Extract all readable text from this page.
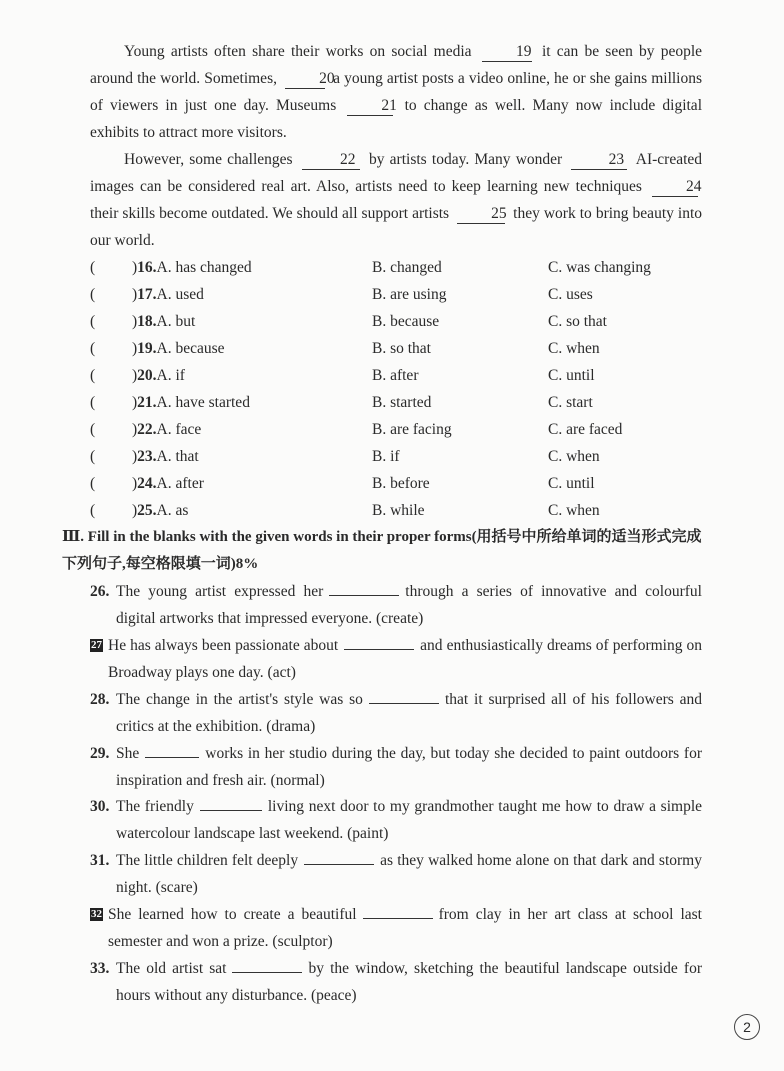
Young artists often share their works on social media	19 it can be seen by people around the world. Sometimes,	20 a young artist posts a video online, he or she gains millions of viewers in just one day. Museums	21 to change as well. Many now include digital exhibits to attract more visitors.

However, some challenges	22 by artists today. Many wonder	23 AI-created images can be considered real art. Also, artists need to keep learning new techniques	24 their skills become outdated. We should all support artists	25 they work to bring beauty into our world.

( )16.A. has changed	B. changed	C. was changing
( )17.A. used	B. are using	C. uses
( )18.A. but	B. because	C. so that
( )19.A. because	B. so that	C. when
( )20.A. if	B. after	C. until
( )21.A. have started	B. started	C. start
( )22.A. face	B. are facing	C. are faced
( )23.A. that	B. if	C. when
( )24.A. after	B. before	C. until
( )25.A. as	B. while	C. when

Ⅲ. Fill in the blanks with the given words in their proper forms(用括号中所给单词的适当形式完成下列句子,每空格限填一词)8%

26. The young artist expressed her	through a series of innovative and colourful digital artworks that impressed everyone. (create)
27 He has always been passionate about	and enthusiastically dreams of performing on Broadway plays one day. (act)
28. The change in the artist's style was so	that it surprised all of his followers and critics at the exhibition. (drama)
29. She	works in her studio during the day, but today she decided to paint outdoors for inspiration and fresh air. (normal)
30. The friendly	living next door to my grandmother taught me how to draw a simple watercolour landscape last weekend. (paint)
31. The little children felt deeply	as they walked home alone on that dark and stormy night. (scare)
32 She learned how to create a beautiful	from clay in her art class at school last semester and won a prize. (sculptor)
33. The old artist sat	by the window, sketching the beautiful landscape outside for hours without any disturbance. (peace)
2
